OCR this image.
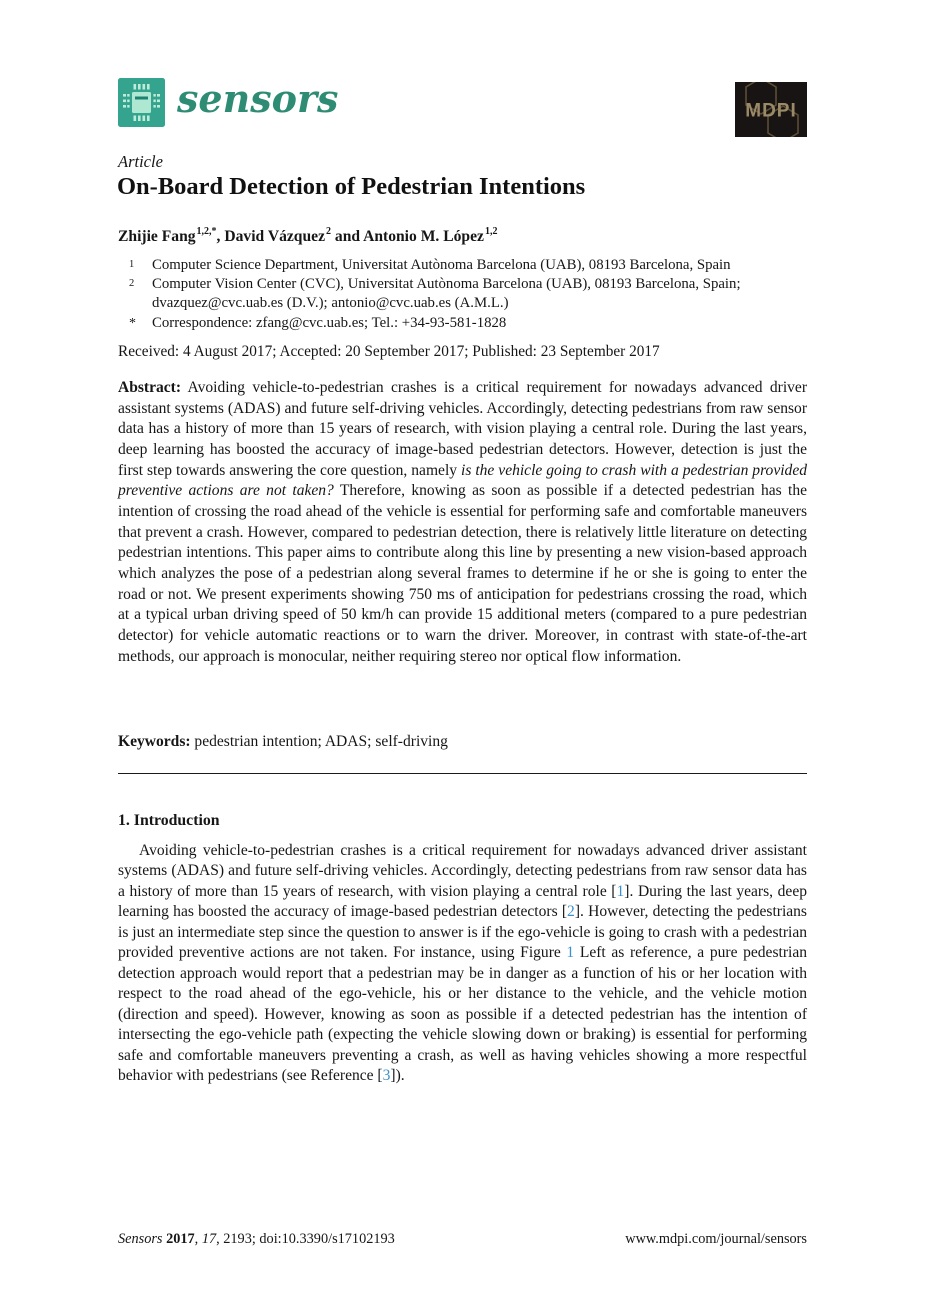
sensors	MDPI
Article
On-Board Detection of Pedestrian Intentions
Zhijie Fang$^{1,2,*}$, David Vázquez$^2$ and Antonio M. López$^{1,2}$
1 Computer Science Department, Universitat Autònoma Barcelona (UAB), 08193 Barcelona, Spain
2 Computer Vision Center (CVC), Universitat Autònoma Barcelona (UAB), 08193 Barcelona, Spain; dvazquez@cvc.uab.es (D.V.); antonio@cvc.uab.es (A.M.L.)
* Correspondence: zfang@cvc.uab.es; Tel.: +34-93-581-1828
Received: 4 August 2017; Accepted: 20 September 2017; Published: 23 September 2017
Abstract: Avoiding vehicle-to-pedestrian crashes is a critical requirement for nowadays advanced driver assistant systems (ADAS) and future self-driving vehicles. Accordingly, detecting pedestrians from raw sensor data has a history of more than 15 years of research, with vision playing a central role. During the last years, deep learning has boosted the accuracy of image-based pedestrian detectors. However, detection is just the first step towards answering the core question, namely is the vehicle going to crash with a pedestrian provided preventive actions are not taken? Therefore, knowing as soon as possible if a detected pedestrian has the intention of crossing the road ahead of the vehicle is essential for performing safe and comfortable maneuvers that prevent a crash. However, compared to pedestrian detection, there is relatively little literature on detecting pedestrian intentions. This paper aims to contribute along this line by presenting a new vision-based approach which analyzes the pose of a pedestrian along several frames to determine if he or she is going to enter the road or not. We present experiments showing 750 ms of anticipation for pedestrians crossing the road, which at a typical urban driving speed of 50 km/h can provide 15 additional meters (compared to a pure pedestrian detector) for vehicle automatic reactions or to warn the driver. Moreover, in contrast with state-of-the-art methods, our approach is monocular, neither requiring stereo nor optical flow information.
Keywords: pedestrian intention; ADAS; self-driving
1. Introduction
Avoiding vehicle-to-pedestrian crashes is a critical requirement for nowadays advanced driver assistant systems (ADAS) and future self-driving vehicles. Accordingly, detecting pedestrians from raw sensor data has a history of more than 15 years of research, with vision playing a central role [1]. During the last years, deep learning has boosted the accuracy of image-based pedestrian detectors [2]. However, detecting the pedestrians is just an intermediate step since the question to answer is if the ego-vehicle is going to crash with a pedestrian provided preventive actions are not taken. For instance, using Figure 1 Left as reference, a pure pedestrian detection approach would report that a pedestrian may be in danger as a function of his or her location with respect to the road ahead of the ego-vehicle, his or her distance to the vehicle, and the vehicle motion (direction and speed). However, knowing as soon as possible if a detected pedestrian has the intention of intersecting the ego-vehicle path (expecting the vehicle slowing down or braking) is essential for performing safe and comfortable maneuvers preventing a crash, as well as having vehicles showing a more respectful behavior with pedestrians (see Reference [3]).
Sensors 2017, 17, 2193; doi:10.3390/s17102193	www.mdpi.com/journal/sensors
